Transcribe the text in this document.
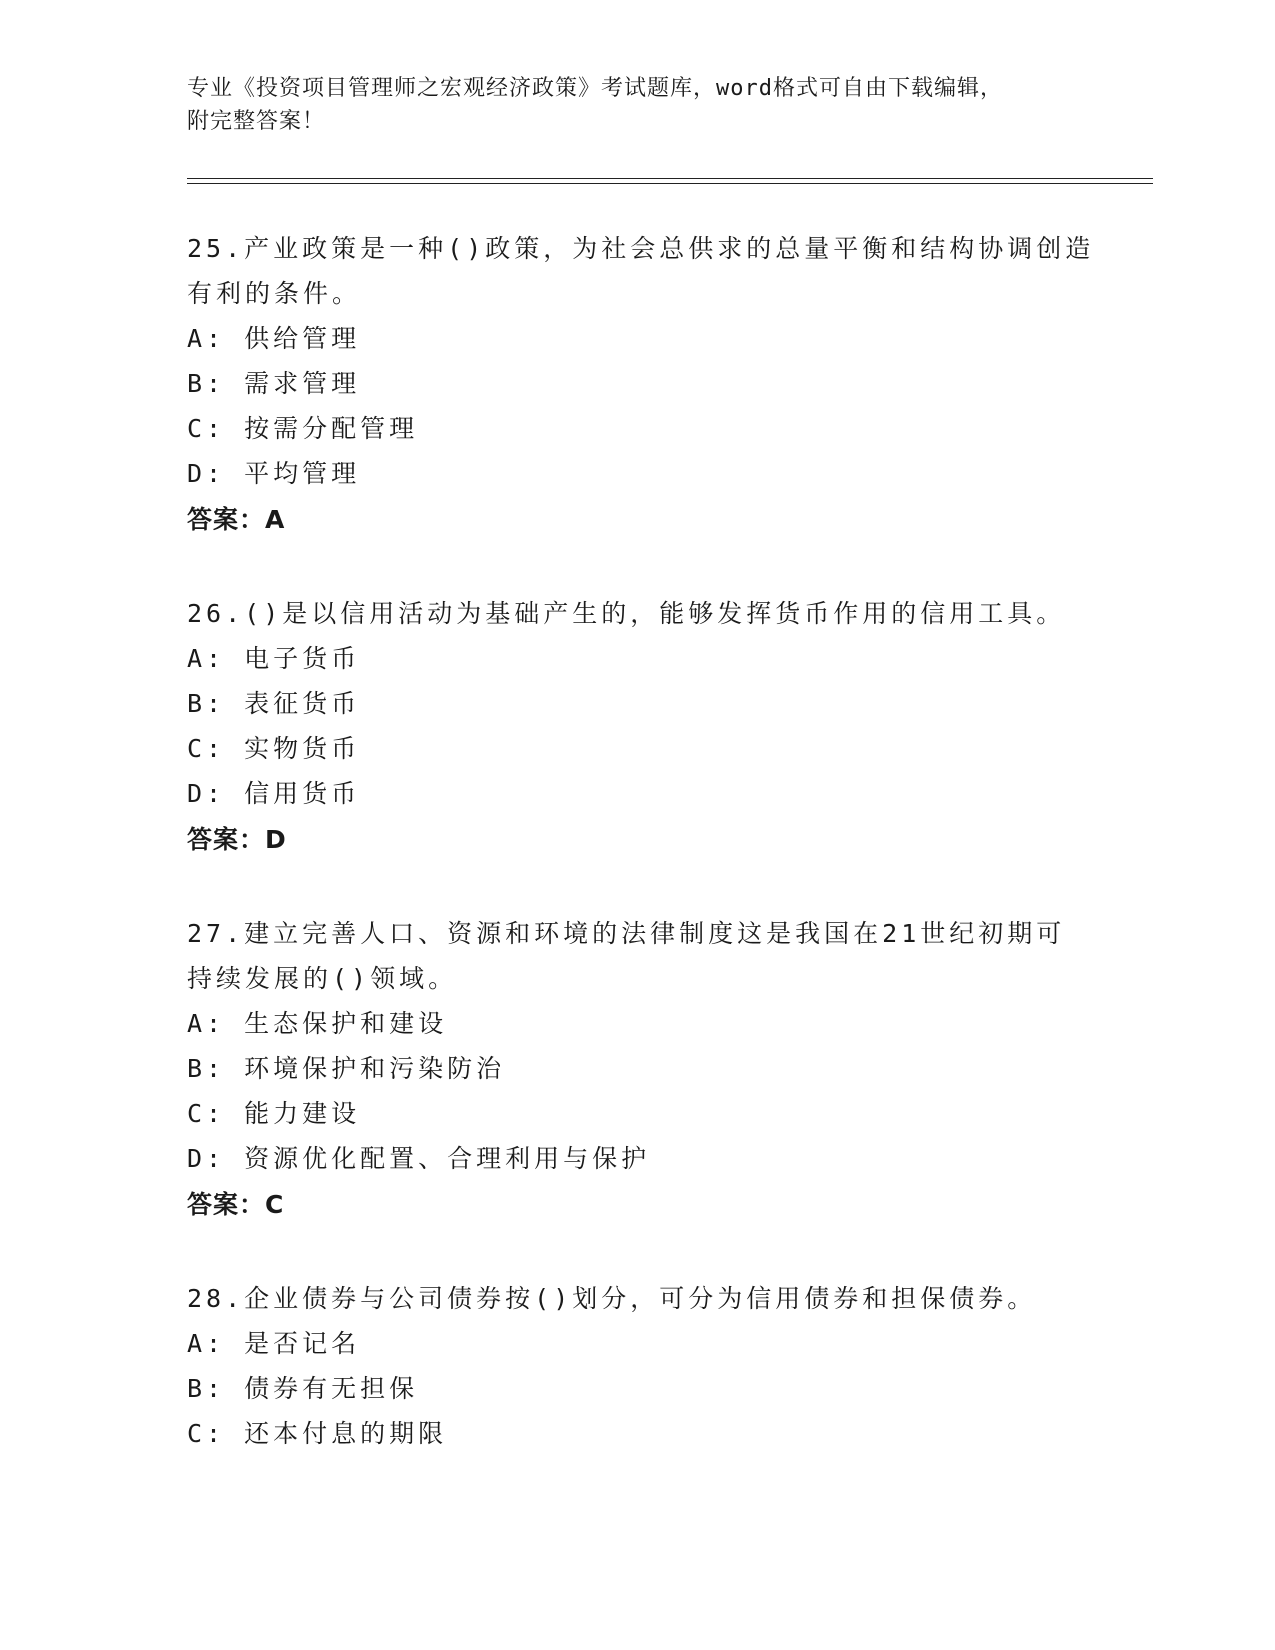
专业《投资项目管理师之宏观经济政策》考试题库，word格式可自由下载编辑，
附完整答案！
25.产业政策是一种()政策，为社会总供求的总量平衡和结构协调创造
有利的条件。
A: 供给管理
B: 需求管理
C: 按需分配管理
D: 平均管理
答案：A
26.()是以信用活动为基础产生的，能够发挥货币作用的信用工具。
A: 电子货币
B: 表征货币
C: 实物货币
D: 信用货币
答案：D
27.建立完善人口、资源和环境的法律制度这是我国在21世纪初期可
持续发展的()领域。
A: 生态保护和建设
B: 环境保护和污染防治
C: 能力建设
D: 资源优化配置、合理利用与保护
答案：C
28.企业债券与公司债券按()划分，可分为信用债券和担保债券。
A: 是否记名
B: 债券有无担保
C: 还本付息的期限
